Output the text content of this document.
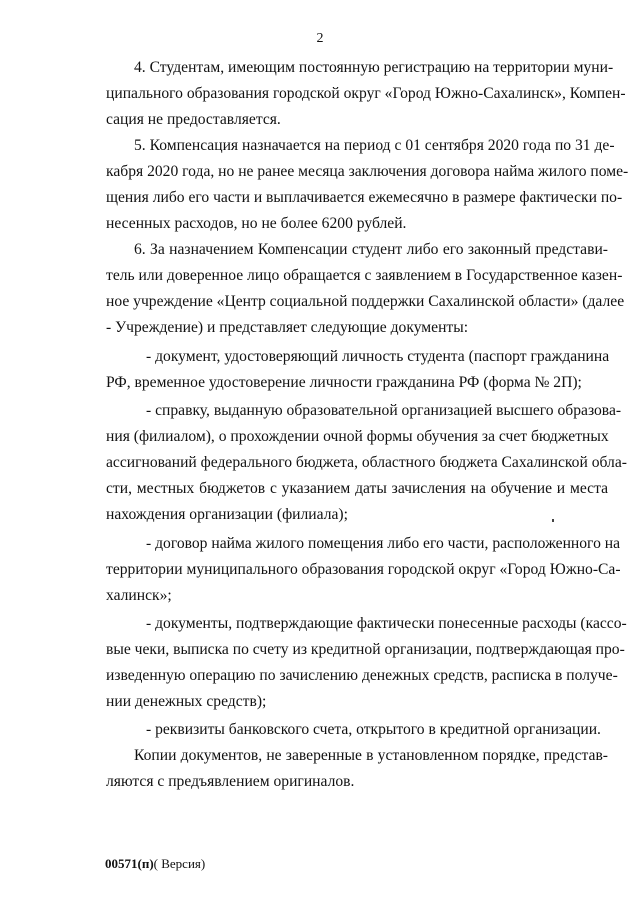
2
4. Студентам, имеющим постоянную регистрацию на территории муни-
ципального образования городской округ «Город Южно-Сахалинск», Компен-
сация не предоставляется.
5. Компенсация назначается на период с 01 сентября 2020 года по 31 де-
кабря 2020 года, но не ранее месяца заключения договора найма жилого поме-
щения либо его части и выплачивается ежемесячно в размере фактически по-
несенных расходов, но не более 6200 рублей.
6. За назначением Компенсации студент либо его законный представи-
тель или доверенное лицо обращается с заявлением в Государственное казен-
ное учреждение «Центр социальной поддержки Сахалинской области» (далее
- Учреждение) и представляет следующие документы:
- документ, удостоверяющий личность студента (паспорт гражданина
РФ, временное удостоверение личности гражданина РФ (форма № 2П);
- справку, выданную образовательной организацией высшего образова-
ния (филиалом), о прохождении очной формы обучения за счет бюджетных
ассигнований федерального бюджета, областного бюджета Сахалинской обла-
сти, местных бюджетов с указанием даты зачисления на обучение и места
нахождения организации (филиала);
- договор найма жилого помещения либо его части, расположенного на
территории муниципального образования городской округ «Город Южно-Са-
халинск»;
- документы, подтверждающие фактически понесенные расходы (кассо-
вые чеки, выписка по счету из кредитной организации, подтверждающая про-
изведенную операцию по зачислению денежных средств, расписка в получе-
нии денежных средств);
- реквизиты банковского счета, открытого в кредитной организации.
Копии документов, не заверенные в установленном порядке, представ-
ляются с предъявлением оригиналов.
00571(п)( Версия)
